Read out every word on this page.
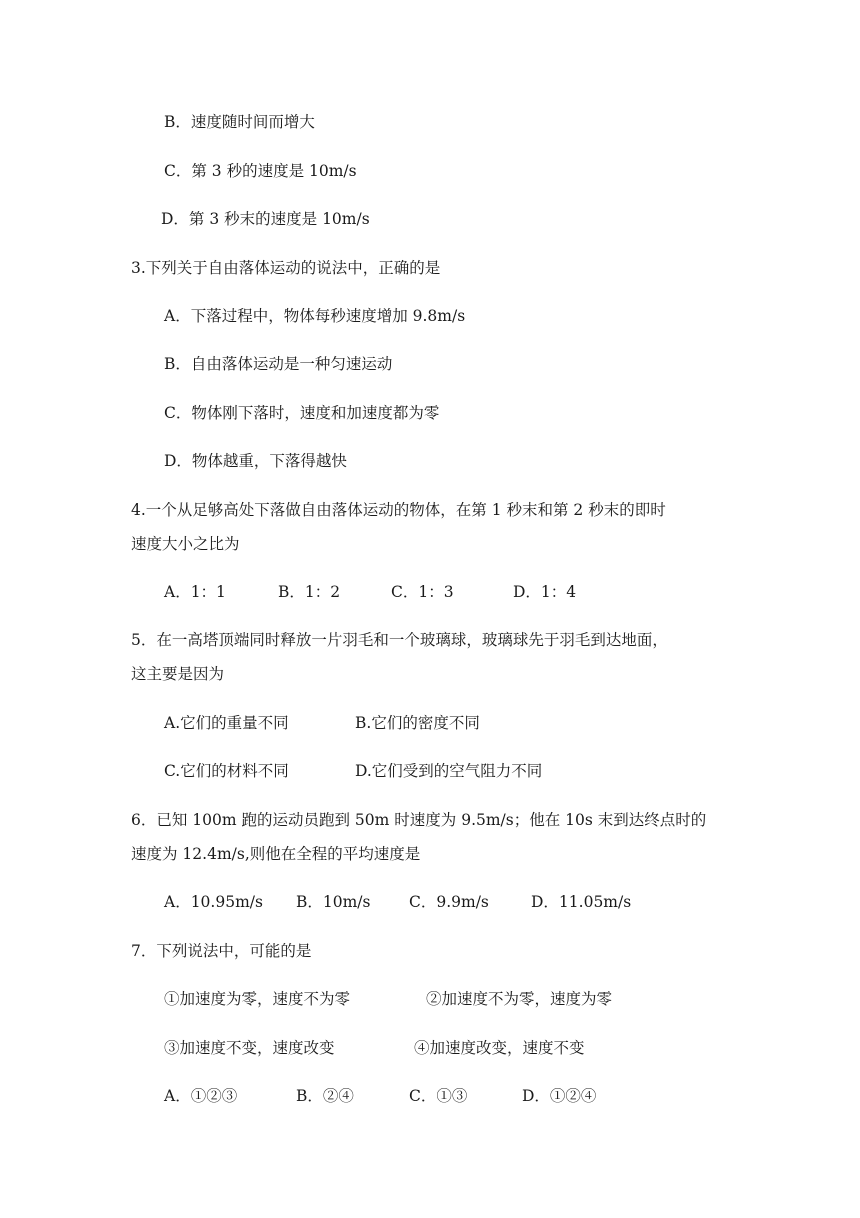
B．速度随时间而增大
C．第 3 秒的速度是 10m/s
D．第 3 秒末的速度是 10m/s
3.下列关于自由落体运动的说法中，正确的是
A．下落过程中，物体每秒速度增加 9.8m/s
B．自由落体运动是一种匀速运动
C．物体刚下落时，速度和加速度都为零
D．物体越重，下落得越快
4.一个从足够高处下落做自由落体运动的物体，在第 1 秒末和第 2 秒末的即时
速度大小之比为
A．1：1	B．1：2	C．1：3	D．1：4
5．在一高塔顶端同时释放一片羽毛和一个玻璃球，玻璃球先于羽毛到达地面，
这主要是因为
A.它们的重量不同	B.它们的密度不同
C.它们的材料不同	D.它们受到的空气阻力不同
6．已知 100m 跑的运动员跑到 50m 时速度为 9.5m/s；他在 10s 末到达终点时的
速度为 12.4m/s,则他在全程的平均速度是
A．10.95m/s B．10m/s C．9.9m/s	D．11.05m/s
7．下列说法中，可能的是
①加速度为零，速度不为零	②加速度不为零，速度为零
③加速度不变，速度改变	④加速度改变，速度不变
A．①②③	B．②④	C．①③	D．①②④
